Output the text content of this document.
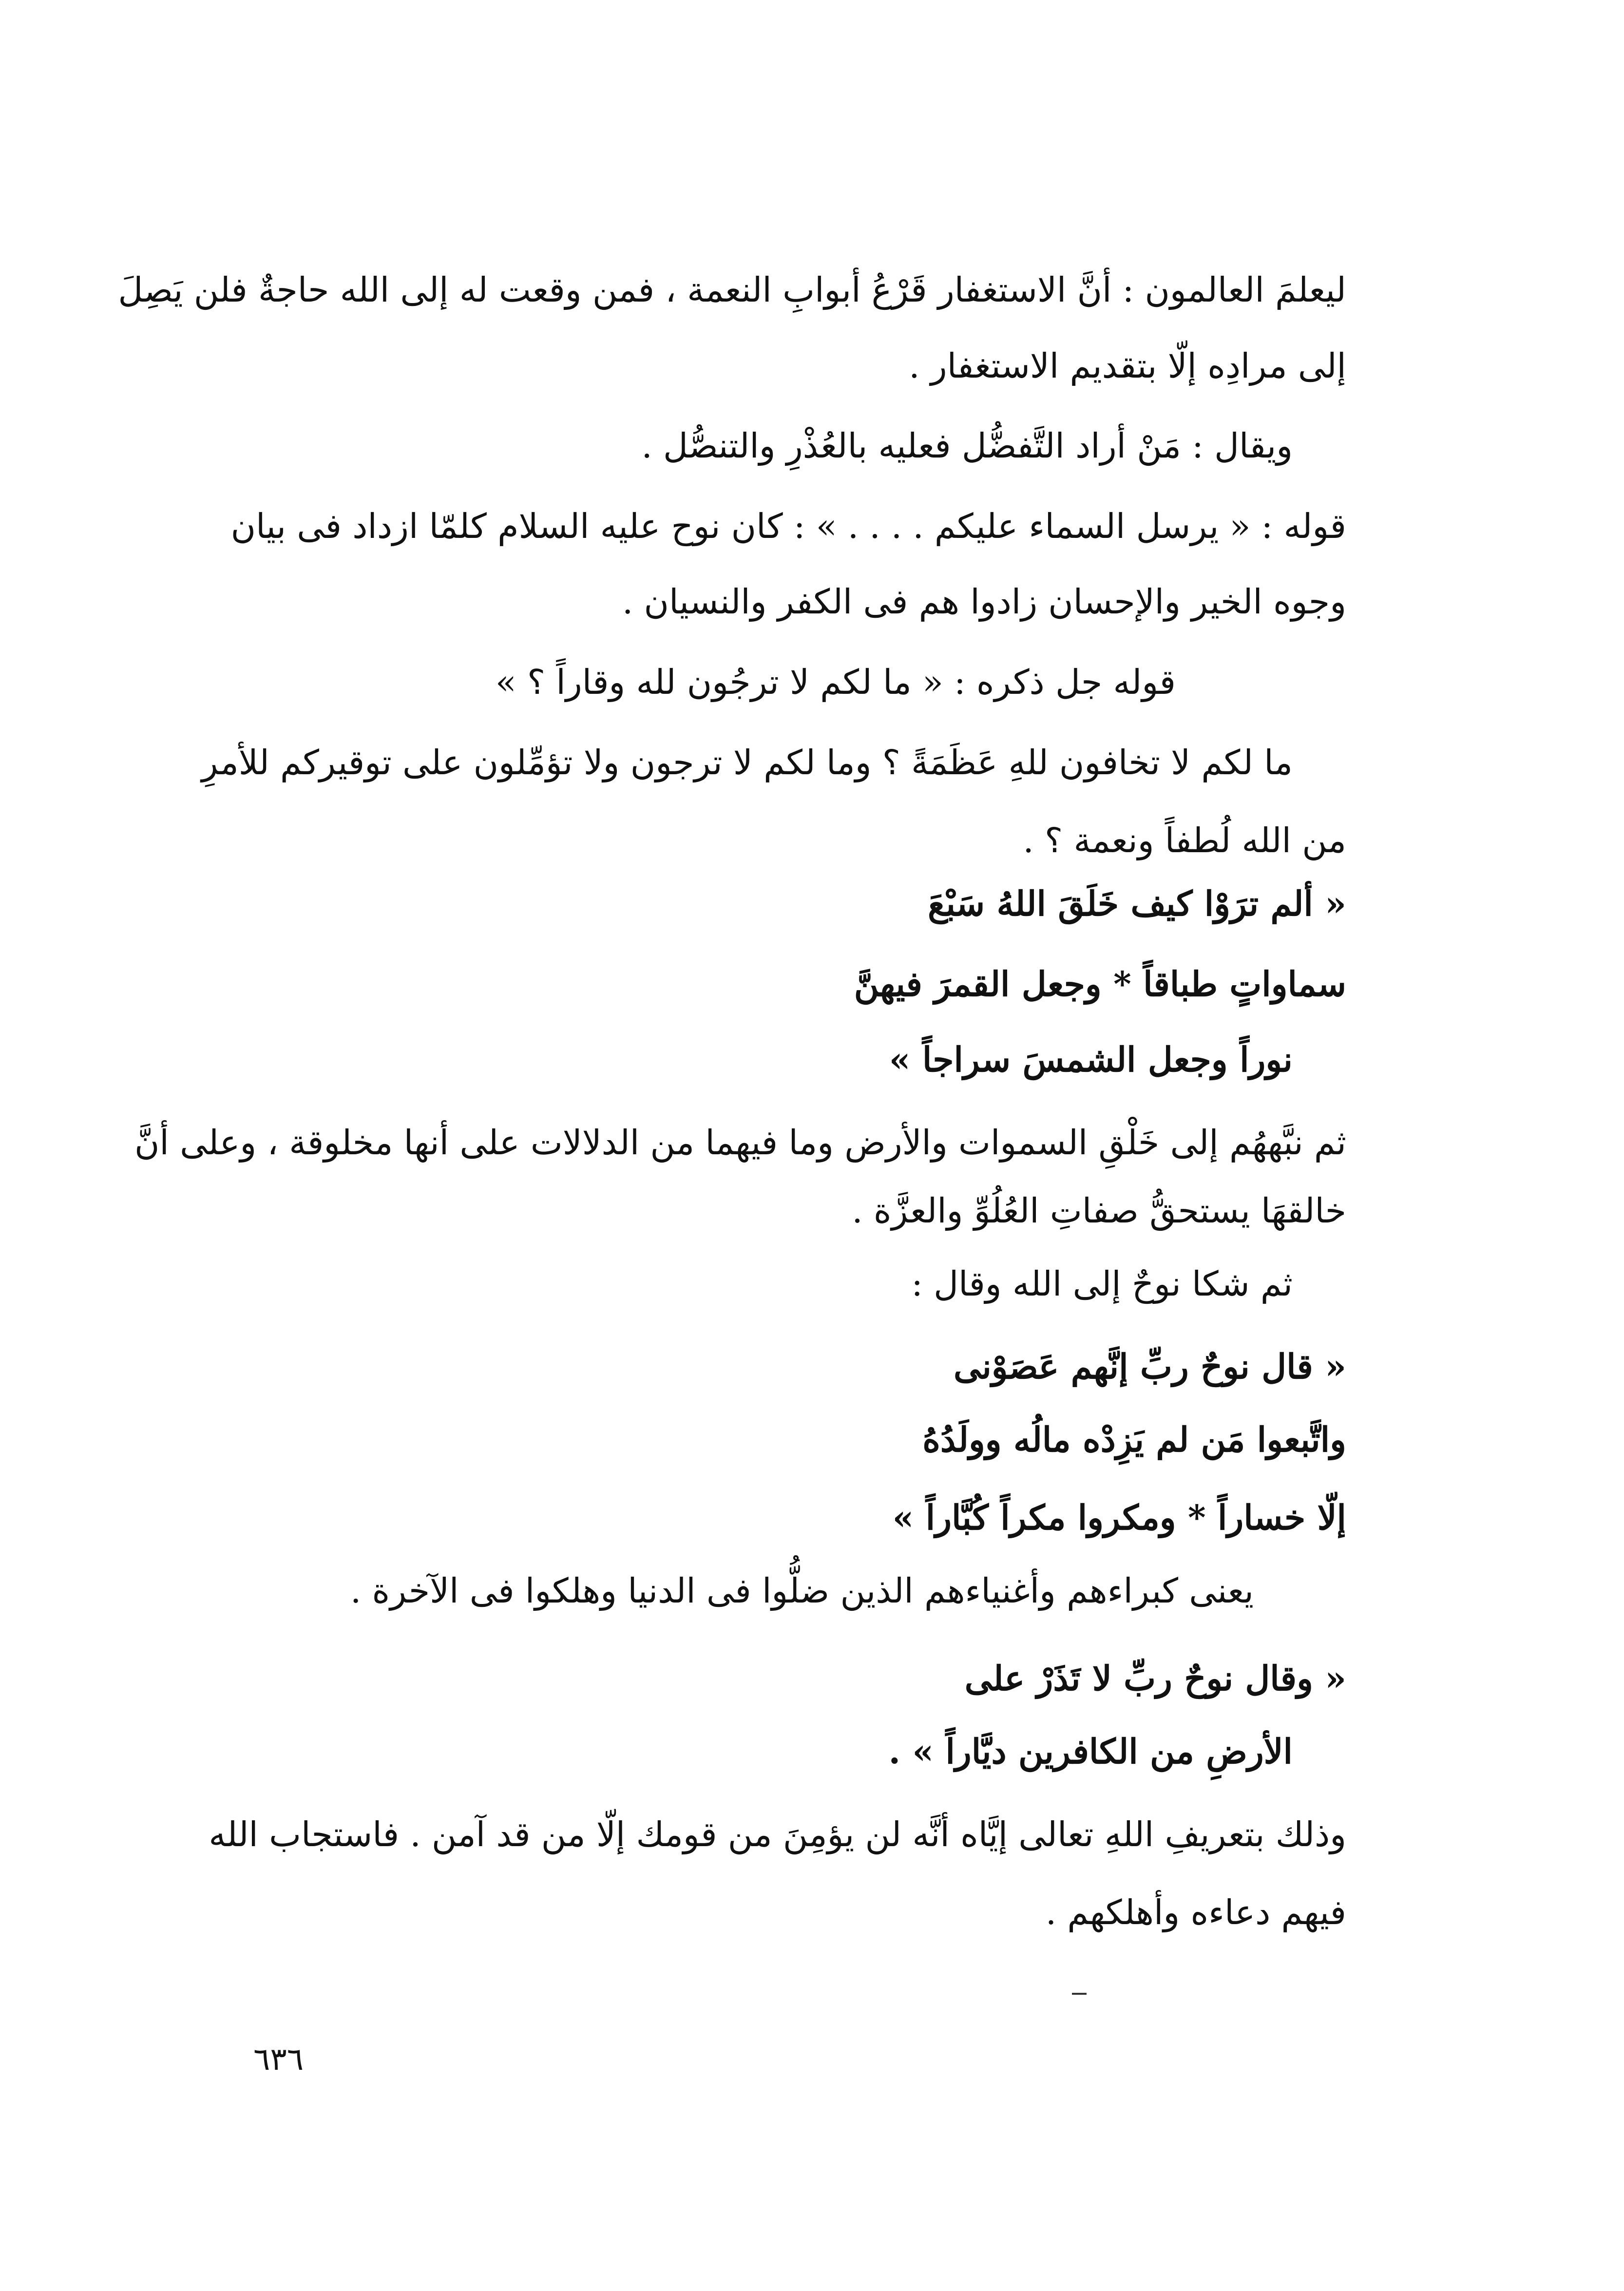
ليعلمَ العالمون : أنَّ الاستغفار قَرْعُ أبوابِ النعمة ، فمن وقعت له إلى الله حاجةٌ فلن يَصِلَ
إلى مرادِه إلّا بتقديم الاستغفار .
ويقال : مَنْ أراد التَّفضُّل فعليه بالعُذْرِ والتنصُّل .
قوله : « يرسل السماء عليكم . . . . » : كان نوح عليه السلام كلمّا ازداد فى بيان
وجوه الخير والإحسان زادوا هم فى الكفر والنسيان .
قوله جل ذكره : « ما لكم لا ترجُون لله وقاراً ؟ »
ما لكم لا تخافون للهِ عَظَمَةً ؟ وما لكم لا ترجون ولا تؤمِّلون على توقيركم للأمرِ
من الله لُطفاً ونعمة ؟ .
« ألم ترَوْا كيف خَلَقَ اللهُ سَبْعَ
سماواتٍ طباقاً * وجعل القمرَ فيهنَّ
نوراً وجعل الشمسَ سراجاً »
ثم نبَّههُم إلى خَلْقِ السموات والأرض وما فيهما من الدلالات على أنها مخلوقة ، وعلى أنَّ
خالقهَا يستحقُّ صفاتِ العُلُوِّ والعزَّة .
ثم شكا نوحٌ إلى الله وقال :
« قال نوحٌ ربِّ إنَّهم عَصَوْنى
واتَّبعوا مَن لم يَزِدْه مالُه وولَدُهُ
إلّا خساراً * ومكروا مكراً كُبَّاراً »
يعنى كبراءهم وأغنياءهم الذين ضلُّوا فى الدنيا وهلكوا فى الآخرة .
« وقال نوحٌ ربِّ لا تَذَرْ على
الأرضِ من الكافرين ديَّاراً » .
وذلك بتعريفِ اللهِ تعالى إيَّاه أنَّه لن يؤمِنَ من قومك إلّا من قد آمن . فاستجاب الله
فيهم دعاءه وأهلكهم .
٦٣٦
